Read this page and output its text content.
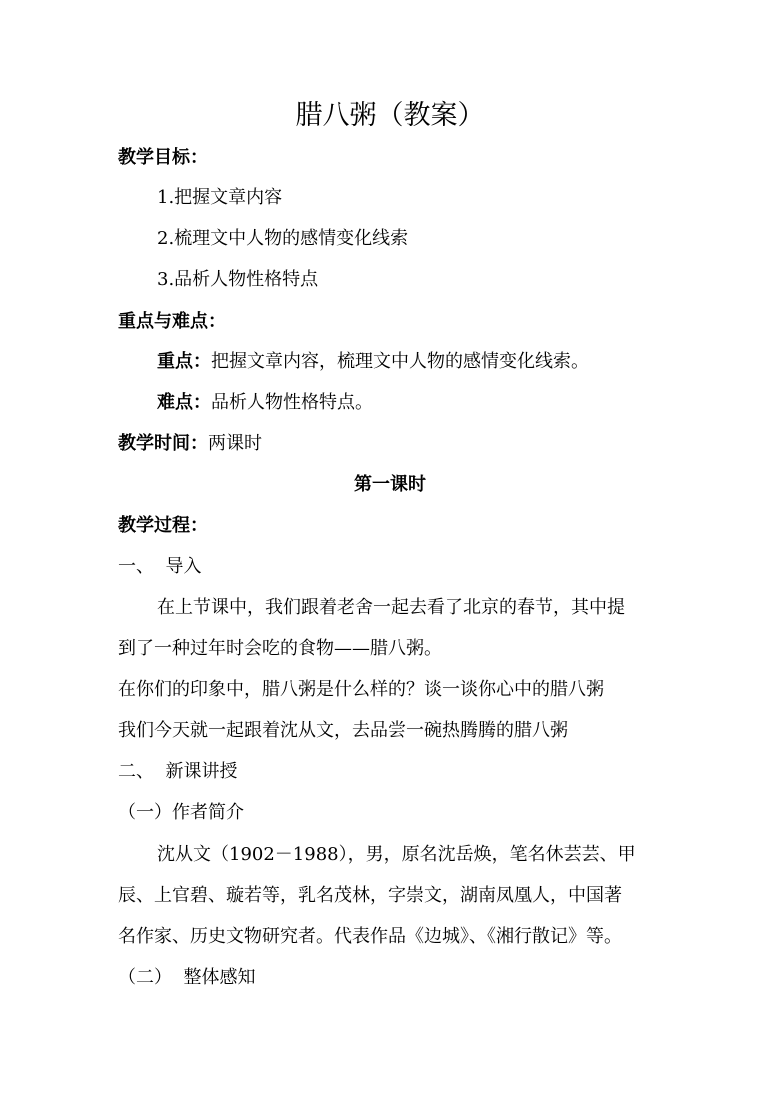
腊八粥（教案）
教学目标：
1.把握文章内容
2.梳理文中人物的感情变化线索
3.品析人物性格特点
重点与难点：
重点：把握文章内容，梳理文中人物的感情变化线索。
难点：品析人物性格特点。
教学时间：两课时
第一课时
教学过程：
一、  导入
在上节课中，我们跟着老舍一起去看了北京的春节，其中提
到了一种过年时会吃的食物——腊八粥。
在你们的印象中，腊八粥是什么样的？谈一谈你心中的腊八粥
我们今天就一起跟着沈从文，去品尝一碗热腾腾的腊八粥
二、  新课讲授
（一）作者简介
沈从文（1902－1988），男，原名沈岳焕，笔名休芸芸、甲
辰、上官碧、璇若等，乳名茂林，字崇文，湖南凤凰人，中国著
名作家、历史文物研究者。代表作品《边城》、《湘行散记》等。
（二）  整体感知
